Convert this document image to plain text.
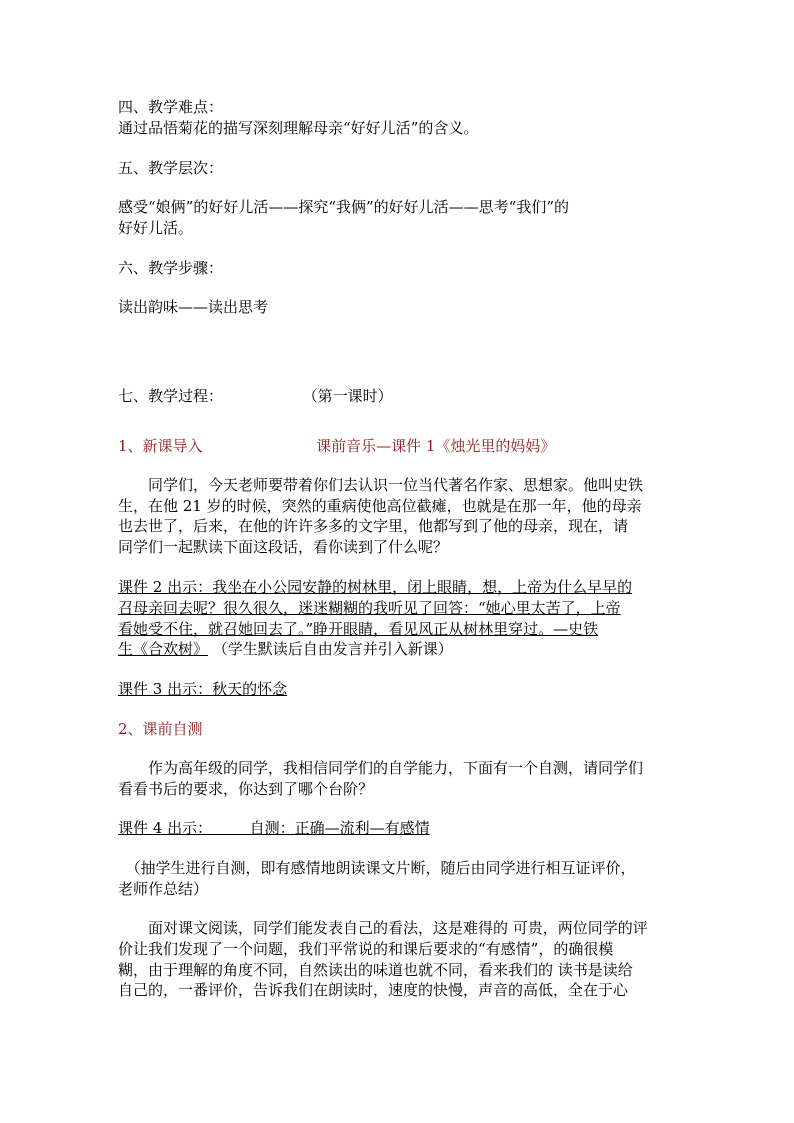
四、教学难点：
通过品悟菊花的描写深刻理解母亲“好好儿活”的含义。
五、教学层次：
感受“娘俩”的好好儿活——探究“我俩”的好好儿活——思考“我们”的
好好儿活。
六、教学步骤：
读出韵味——读出思考
七、教学过程：	（第一课时）
1、新课导入	课前音乐—课件 1《烛光里的妈妈》
　　同学们，今天老师要带着你们去认识一位当代著名作家、思想家。他叫史铁
生，在他 21 岁的时候，突然的重病使他高位截瘫，也就是在那一年，他的母亲
也去世了，后来，在他的许许多多的文字里，他都写到了他的母亲，现在，请
同学们一起默读下面这段话，看你读到了什么呢？
课件 2 出示：我坐在小公园安静的树林里，闭上眼睛，想，上帝为什么早早的
召母亲回去呢？很久很久，迷迷糊糊的我听见了回答：“她心里太苦了，上帝
看她受不住，就召她回去了。”睁开眼睛，看见风正从树林里穿过。—史铁
生《合欢树》 （学生默读后自由发言并引入新课）
课件 3 出示：秋天的怀念
2、课前自测
　　作为高年级的同学，我相信同学们的自学能力，下面有一个自测，请同学们
看看书后的要求，你达到了哪个台阶？
课件 4 出示：　　　自测：正确—流利—有感情
　（抽学生进行自测，即有感情地朗读课文片断，随后由同学进行相互证评价，
老师作总结）
　　面对课文阅读，同学们能发表自己的看法，这是难得的 可贵，两位同学的评
价让我们发现了一个问题，我们平常说的和课后要求的“有感情”，的确很模
糊，由于理解的角度不同，自然读出的味道也就不同，看来我们的 读书是读给
自己的，一番评价，告诉我们在朗读时，速度的快慢，声音的高低，全在于心
